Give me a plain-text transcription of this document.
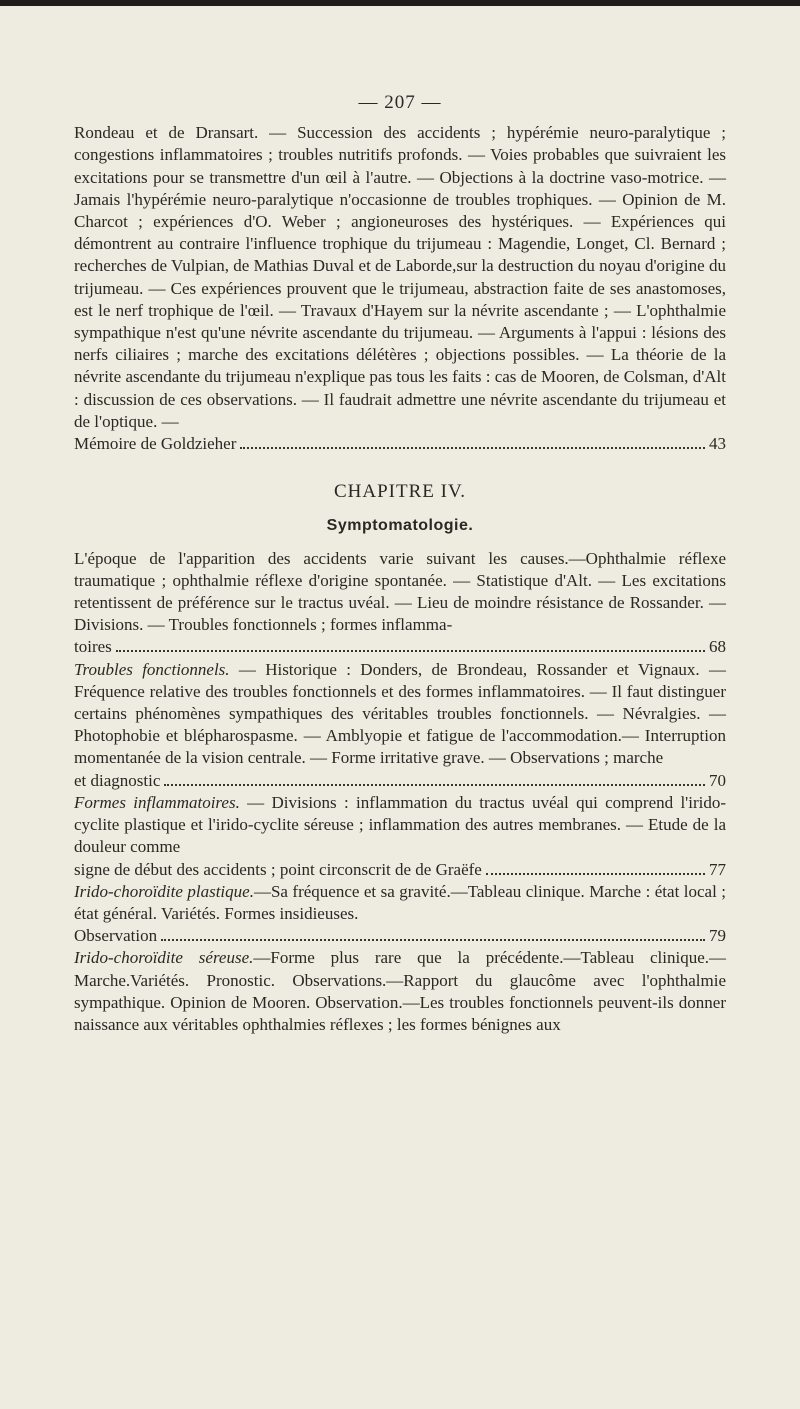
— 207 —

Rondeau et de Dransart. — Succession des accidents ; hypérémie neuro-paralytique ; congestions inflammatoires ; troubles nutritifs profonds. — Voies probables que suivraient les excitations pour se transmettre d'un œil à l'autre. — Objections à la doctrine vaso-motrice. — Jamais l'hypérémie neuro-paralytique n'occasionne de troubles trophiques. — Opinion de M. Charcot ; expériences d'O. Weber ; angioneuroses des hystériques. — Expériences qui démontrent au contraire l'influence trophique du trijumeau : Magendie, Longet, Cl. Bernard ; recherches de Vulpian, de Mathias Duval et de Laborde,sur la destruction du noyau d'origine du trijumeau. — Ces expériences prouvent que le trijumeau, abstraction faite de ses anastomoses, est le nerf trophique de l'œil. — Travaux d'Hayem sur la névrite ascendante ; — L'ophthalmie sympathique n'est qu'une névrite ascendante du trijumeau. — Arguments à l'appui : lésions des nerfs ciliaires ; marche des excitations délétères ; objections possibles. — La théorie de la névrite ascendante du trijumeau n'explique pas tous les faits : cas de Mooren, de Colsman, d'Alt : discussion de ces observations. — Il faudrait admettre une névrite ascendante du trijumeau et de l'optique. —

Mémoire de Goldzieher	43
CHAPITRE IV.
Symptomatologie.

L'époque de l'apparition des accidents varie suivant les causes.—Ophthalmie réflexe traumatique ; ophthalmie réflexe d'origine spontanée. — Statistique d'Alt. — Les excitations retentissent de préférence sur le tractus uvéal. — Lieu de moindre résistance de Rossander. — Divisions. — Troubles fonctionnels ; formes inflamma-

toires	68

Troubles fonctionnels. — Historique : Donders, de Brondeau, Rossander et Vignaux. — Fréquence relative des troubles fonctionnels et des formes inflammatoires. — Il faut distinguer certains phénomènes sympathiques des véritables troubles fonctionnels. — Névralgies. — Photophobie et blépharospasme. — Amblyopie et fatigue de l'accommodation.— Interruption momentanée de la vision centrale. — Forme irritative grave. — Observations ; marche

et diagnostic	70

Formes inflammatoires. — Divisions : inflammation du tractus uvéal qui comprend l'irido-cyclite plastique et l'irido-cyclite séreuse ; inflammation des autres membranes. — Etude de la douleur comme

signe de début des accidents ; point circonscrit de de Graëfe	77

Irido-choroïdite plastique.—Sa fréquence et sa gravité.—Tableau clinique. Marche : état local ; état général. Variétés. Formes insidieuses.

Observation	79

Irido-choroïdite séreuse.—Forme plus rare que la précédente.—Tableau clinique.—Marche.Variétés. Pronostic. Observations.—Rapport du glaucôme avec l'ophthalmie sympathique. Opinion de Mooren. Observation.—Les troubles fonctionnels peuvent-ils donner naissance aux véritables ophthalmies réflexes ; les formes bénignes aux
